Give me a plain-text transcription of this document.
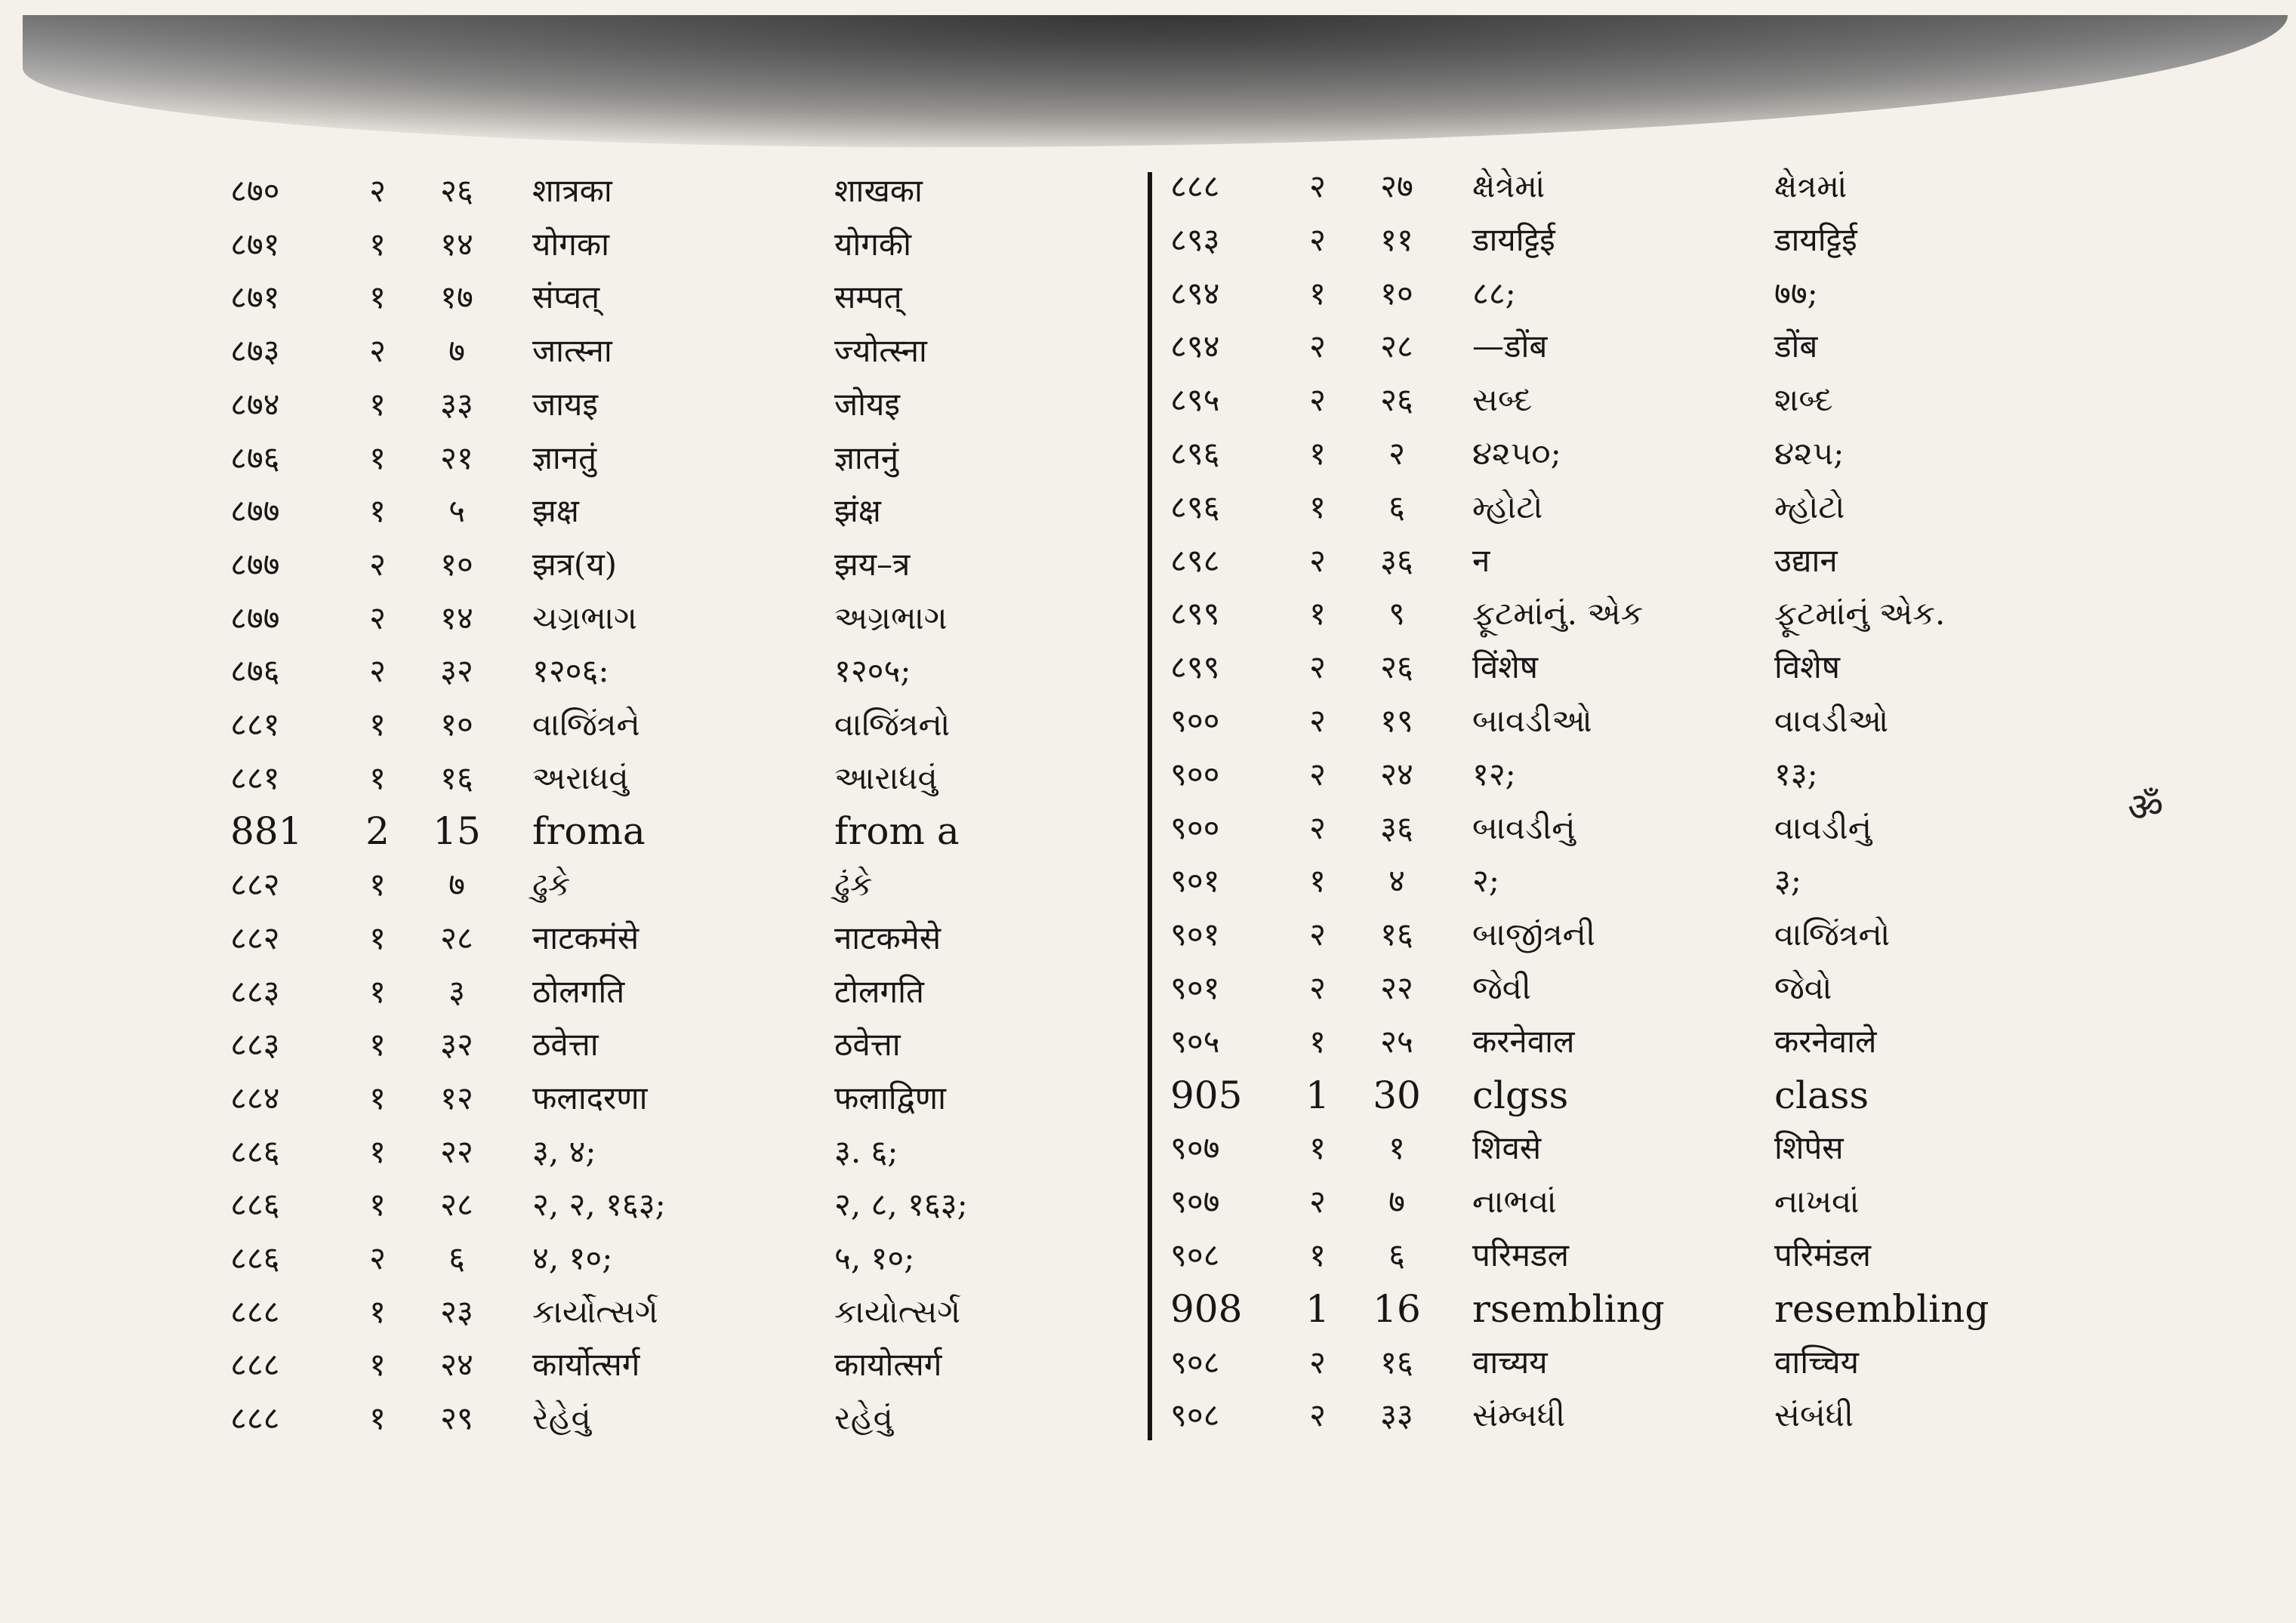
८७०	२	२६	शात्रका	शाखका
८७१	१	१४	योगका	योगकी
८७१	१	१७	संप्वत्	सम्पत्
८७३	२	७	जात्स्ना	ज्योत्स्ना
८७४	१	३३	जायइ	जोयइ
८७६	१	२१	ज्ञानतुं	ज्ञातनुं
८७७	१	५	झक्ष	झंक्ष
८७७	२	१०	झत्र(य)	झय–त्र
८७७	२	१४	ચગ્રભાગ	અગ્રભાગ
८७६	२	३२	१२०६:	१२०५;
८८१	१	१०	વાજિંત્રને	વાજિંત્રનો
८८१	१	१६	અરાધવું	આરાધવું
881	2	15	froma	from a
८८२	१	७	ઢુકે	ઢુંકે
८८२	१	२८	नाटकमंसे	नाटकमेसे
८८३	१	३	ठोलगति	टोलगति
८८३	१	३२	ठवेत्ता	ठवेत्ता
८८४	१	१२	फलादरणा	फलाद्विणा
८८६	१	२२	३, ४;	३. ६;
८८६	१	२८	२, २, १६३;	२, ८, १६३;
८८६	२	६	४, १०;	५, १०;
८८८	१	२३	કાર્યોત્સર્ગ	કાયોત્સર્ગ
८८८	१	२४	कार्योत्सर्ग	कायोत्सर्ग
८८८	१	२९	રેહેવું	રહેવું
८८८	२	२७	ક્ષેત્રેમાં	ક્ષેત્રમાં
८९३	२	११	डायट्टिई	डायट्टिई
८९४	१	१०	८८;	७७;
८९४	२	२८	—डोंब	डोंब
८९५	२	२६	સબ્દ	શબ્દ
८९६	१	२	૪૨૫૦;	૪૨૫;
८९६	१	६	મ્હોટો	મ્હોટો
८९८	२	३६	न	उद्यान
८९९	१	९	ફૂટમાંનું. એક	ફૂટમાંનું એક.
८९९	२	२६	विंशेष	विशेष
९००	२	१९	બાવડીઓ	વાવડીઓ
९००	२	२४	१२;	१३;
९००	२	३६	બાવડીનું	વાવડીનું
९०१	१	४	२;	३;
९०१	२	१६	બાજીંત્રની	વાજિંત્રનો
९०१	२	२२	જેવી	જેવો
९०५	१	२५	करनेवाल	करनेवाले
905	1	30	clgss	class
९०७	१	१	शिवसे	शिपेस
९०७	२	७	નાભવાં	નાખવાં
९०८	१	६	परिमडल	परिमंडल
908	1	16	rsembling	resembling
९०८	२	१६	वाच्यय	वाच्चिय
९०८	२	३३	સંમ્બધી	સંબંધી
ॐ
